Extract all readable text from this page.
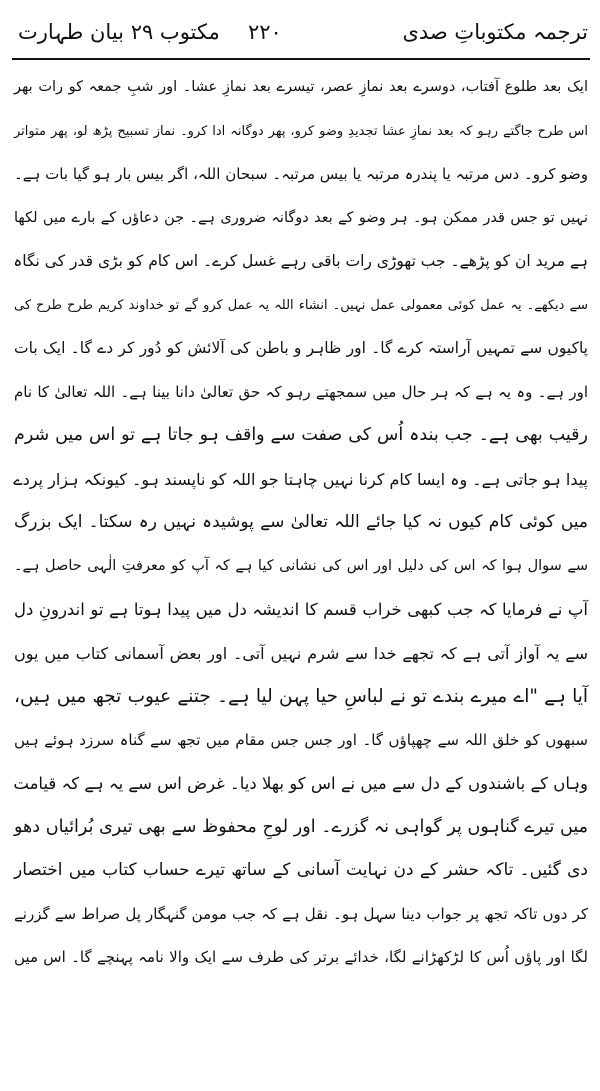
ترجمہ مکتوباتِ صدی
۲۲۰
مکتوب ۲۹ بیان طہارت
ایک بعد طلوع آفتاب، دوسرے بعد نمازِ عصر، تیسرے بعد نمازِ عشا۔ اور شبِ جمعہ کو رات بھر
اس طرح جاگتے رہو کہ بعد نمازِ عشا تجدیدِ وضو کرو، پھر دوگانہ ادا کرو۔ نماز تسبیح پڑھ لو، پھر متواتر
وضو کرو۔ دس مرتبہ یا پندرہ مرتبہ یا بیس مرتبہ۔ سبحان اللہ، اگر بیس بار ہو گیا بات ہے۔
نہیں تو جس قدر ممکن ہو۔ ہر وضو کے بعد دوگانہ ضروری ہے۔ جن دعاؤں کے بارے میں لکھا
ہے مرید ان کو پڑھے۔ جب تھوڑی رات باقی رہے غسل کرے۔ اس کام کو بڑی قدر کی نگاہ
سے دیکھے۔ یہ عمل کوئی معمولی عمل نہیں۔ انشاء اللہ یہ عمل کرو گے تو خداوند کریم طرح طرح کی
پاکیوں سے تمہیں آراستہ کرے گا۔ اور ظاہر و باطن کی آلائش کو دُور کر دے گا۔ ایک بات
اور ہے۔ وہ یہ ہے کہ ہر حال میں سمجھتے رہو کہ حق تعالیٰ دانا بینا ہے۔ اللہ تعالیٰ کا نام
رقیب بھی ہے۔ جب بندہ اُس کی صفت سے واقف ہو جاتا ہے تو اس میں شرم
پیدا ہو جاتی ہے۔ وہ ایسا کام کرنا نہیں چاہتا جو اللہ کو ناپسند ہو۔ کیونکہ ہزار پردے
میں کوئی کام کیوں نہ کیا جائے اللہ تعالیٰ سے پوشیدہ نہیں رہ سکتا۔ ایک بزرگ
سے سوال ہوا کہ اس کی دلیل اور اس کی نشانی کیا ہے کہ آپ کو معرفتِ الٰہی حاصل ہے۔
آپ نے فرمایا کہ جب کبھی خراب قسم کا اندیشہ دل میں پیدا ہوتا ہے تو اندرونِ دل
سے یہ آواز آتی ہے کہ تجھے خدا سے شرم نہیں آتی۔ اور بعض آسمانی کتاب میں یوں
آیا ہے "اے میرے بندے تو نے لباسِ حیا پہن لیا ہے۔ جتنے عیوب تجھ میں ہیں،
سبھوں کو خلق اللہ سے چھپاؤں گا۔ اور جس جس مقام میں تجھ سے گناہ سرزد ہوئے ہیں
وہاں کے باشندوں کے دل سے میں نے اس کو بھلا دیا۔ غرض اس سے یہ ہے کہ قیامت
میں تیرے گناہوں پر گواہی نہ گزرے۔ اور لوحِ محفوظ سے بھی تیری بُرائیاں دھو
دی گئیں۔ تاکہ حشر کے دن نہایت آسانی کے ساتھ تیرے حساب کتاب میں اختصار
کر دوں تاکہ تجھ پر جواب دینا سہل ہو۔ نقل ہے کہ جب مومن گنہگار پل صراط سے گزرنے
لگا اور پاؤں اُس کا لڑکھڑانے لگا، خدائے برتر کی طرف سے ایک والا نامہ پہنچے گا۔ اس میں
